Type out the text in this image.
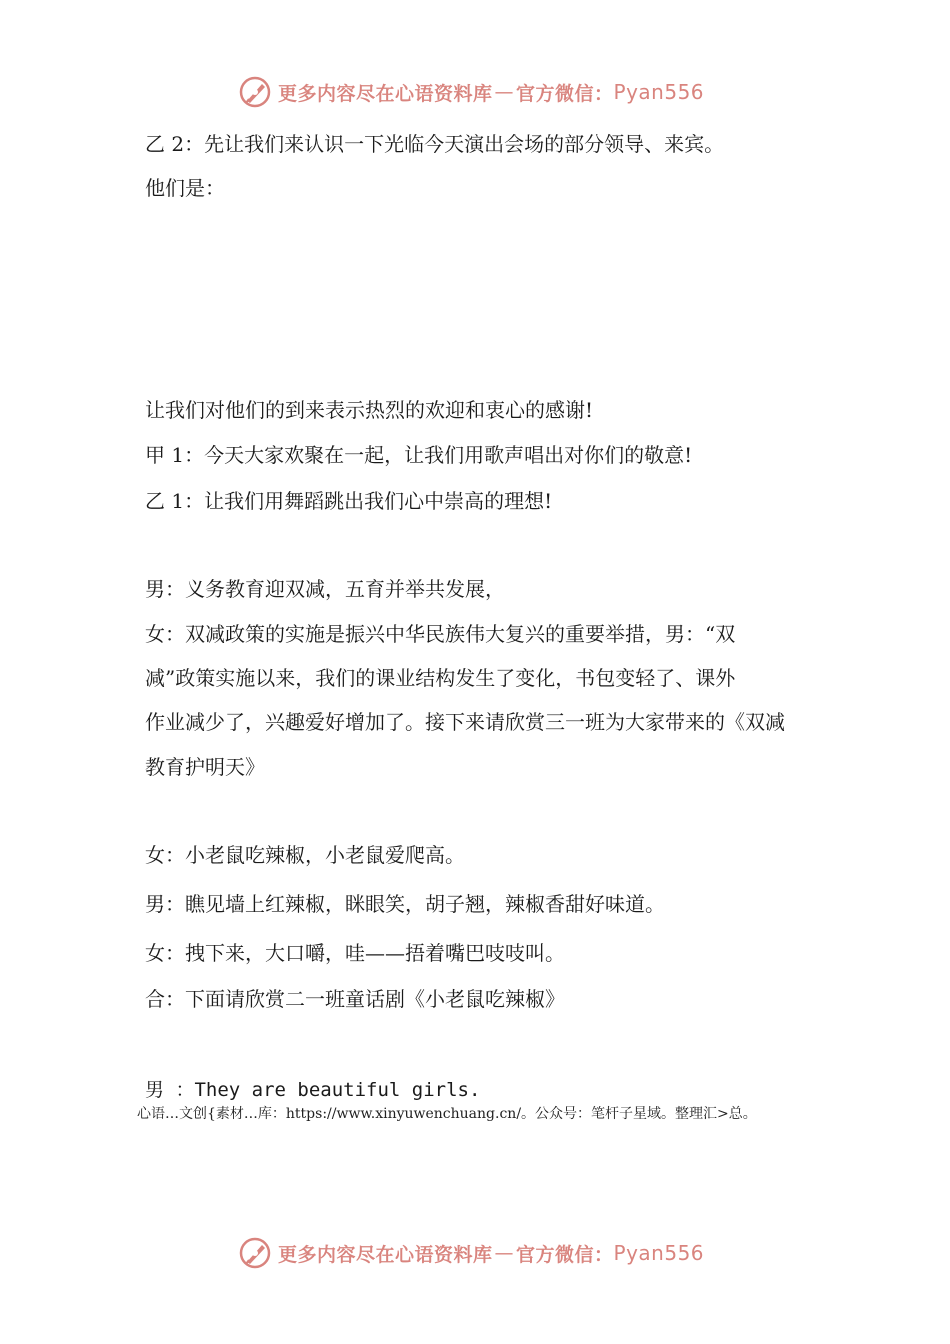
更多内容尽在心语资料库 — 官方微信： Pyan556
乙 2：先让我们来认识一下光临今天演出会场的部分领导、来宾。
他们是：
让我们对他们的到来表示热烈的欢迎和衷心的感谢!
甲 1：今天大家欢聚在一起，让我们用歌声唱出对你们的敬意!
乙 1：让我们用舞蹈跳出我们心中崇高的理想!
男：义务教育迎双减，五育并举共发展，
女：双减政策的实施是振兴中华民族伟大复兴的重要举措，男：“双
减”政策实施以来，我们的课业结构发生了变化，书包变轻了、课外
作业减少了，兴趣爱好增加了。接下来请欣赏三一班为大家带来的《双减
教育护明天》
女：小老鼠吃辣椒，小老鼠爱爬高。
男：瞧见墙上红辣椒，眯眼笑，胡子翘，辣椒香甜好味道。
女：拽下来，大口嚼，哇——捂着嘴巴吱吱叫。
合：下面请欣赏二一班童话剧《小老鼠吃辣椒》
男 ：They are beautiful girls.
心语…文创{素材…库：https://www.xinyuwenchuang.cn/。公众号：笔杆子星域。整理汇>总。
更多内容尽在心语资料库 — 官方微信： Pyan556
